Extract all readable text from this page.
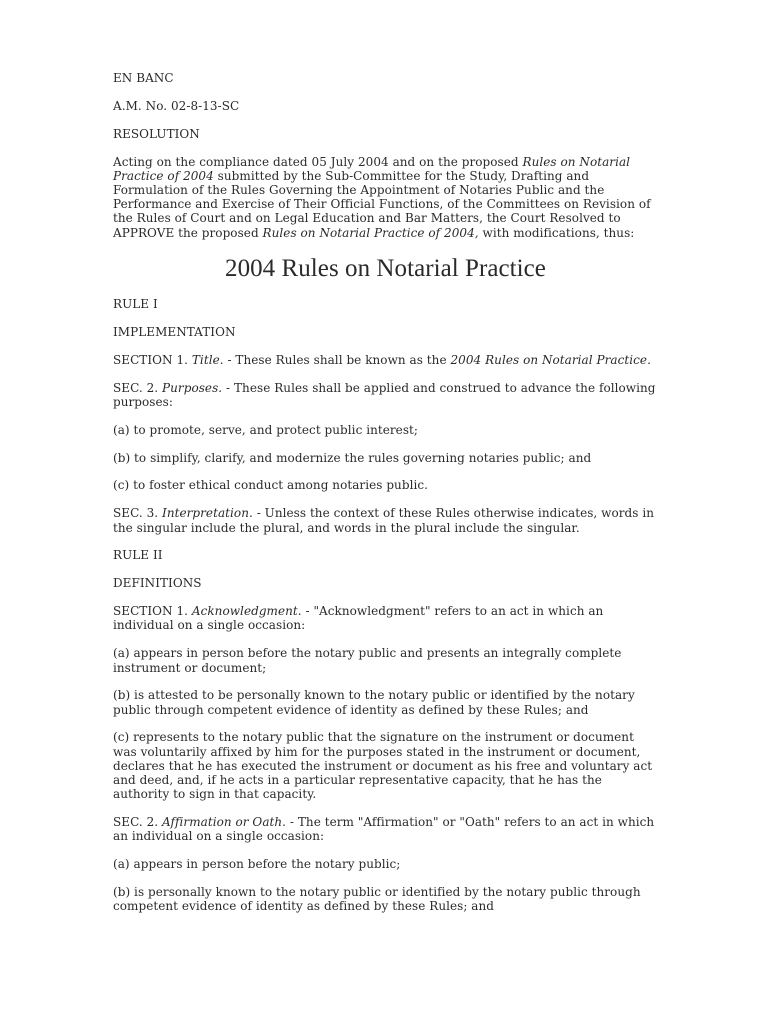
EN BANC

A.M. No. 02-8-13-SC

RESOLUTION

Acting on the compliance dated 05 July 2004 and on the proposed Rules on Notarial Practice of 2004 submitted by the Sub-Committee for the Study, Drafting and Formulation of the Rules Governing the Appointment of Notaries Public and the Performance and Exercise of Their Official Functions, of the Committees on Revision of the Rules of Court and on Legal Education and Bar Matters, the Court Resolved to APPROVE the proposed Rules on Notarial Practice of 2004, with modifications, thus:

2004 Rules on Notarial Practice

RULE I

IMPLEMENTATION

SECTION 1. Title. - These Rules shall be known as the 2004 Rules on Notarial Practice.

SEC. 2. Purposes. - These Rules shall be applied and construed to advance the following purposes:

(a) to promote, serve, and protect public interest;

(b) to simplify, clarify, and modernize the rules governing notaries public; and

(c) to foster ethical conduct among notaries public.

SEC. 3. Interpretation. - Unless the context of these Rules otherwise indicates, words in the singular include the plural, and words in the plural include the singular.

RULE II

DEFINITIONS

SECTION 1. Acknowledgment. - "Acknowledgment" refers to an act in which an individual on a single occasion:

(a) appears in person before the notary public and presents an integrally complete instrument or document;

(b) is attested to be personally known to the notary public or identified by the notary public through competent evidence of identity as defined by these Rules; and

(c) represents to the notary public that the signature on the instrument or document was voluntarily affixed by him for the purposes stated in the instrument or document, declares that he has executed the instrument or document as his free and voluntary act and deed, and, if he acts in a particular representative capacity, that he has the authority to sign in that capacity.

SEC. 2. Affirmation or Oath. - The term "Affirmation" or "Oath" refers to an act in which an individual on a single occasion:

(a) appears in person before the notary public;

(b) is personally known to the notary public or identified by the notary public through competent evidence of identity as defined by these Rules; and
